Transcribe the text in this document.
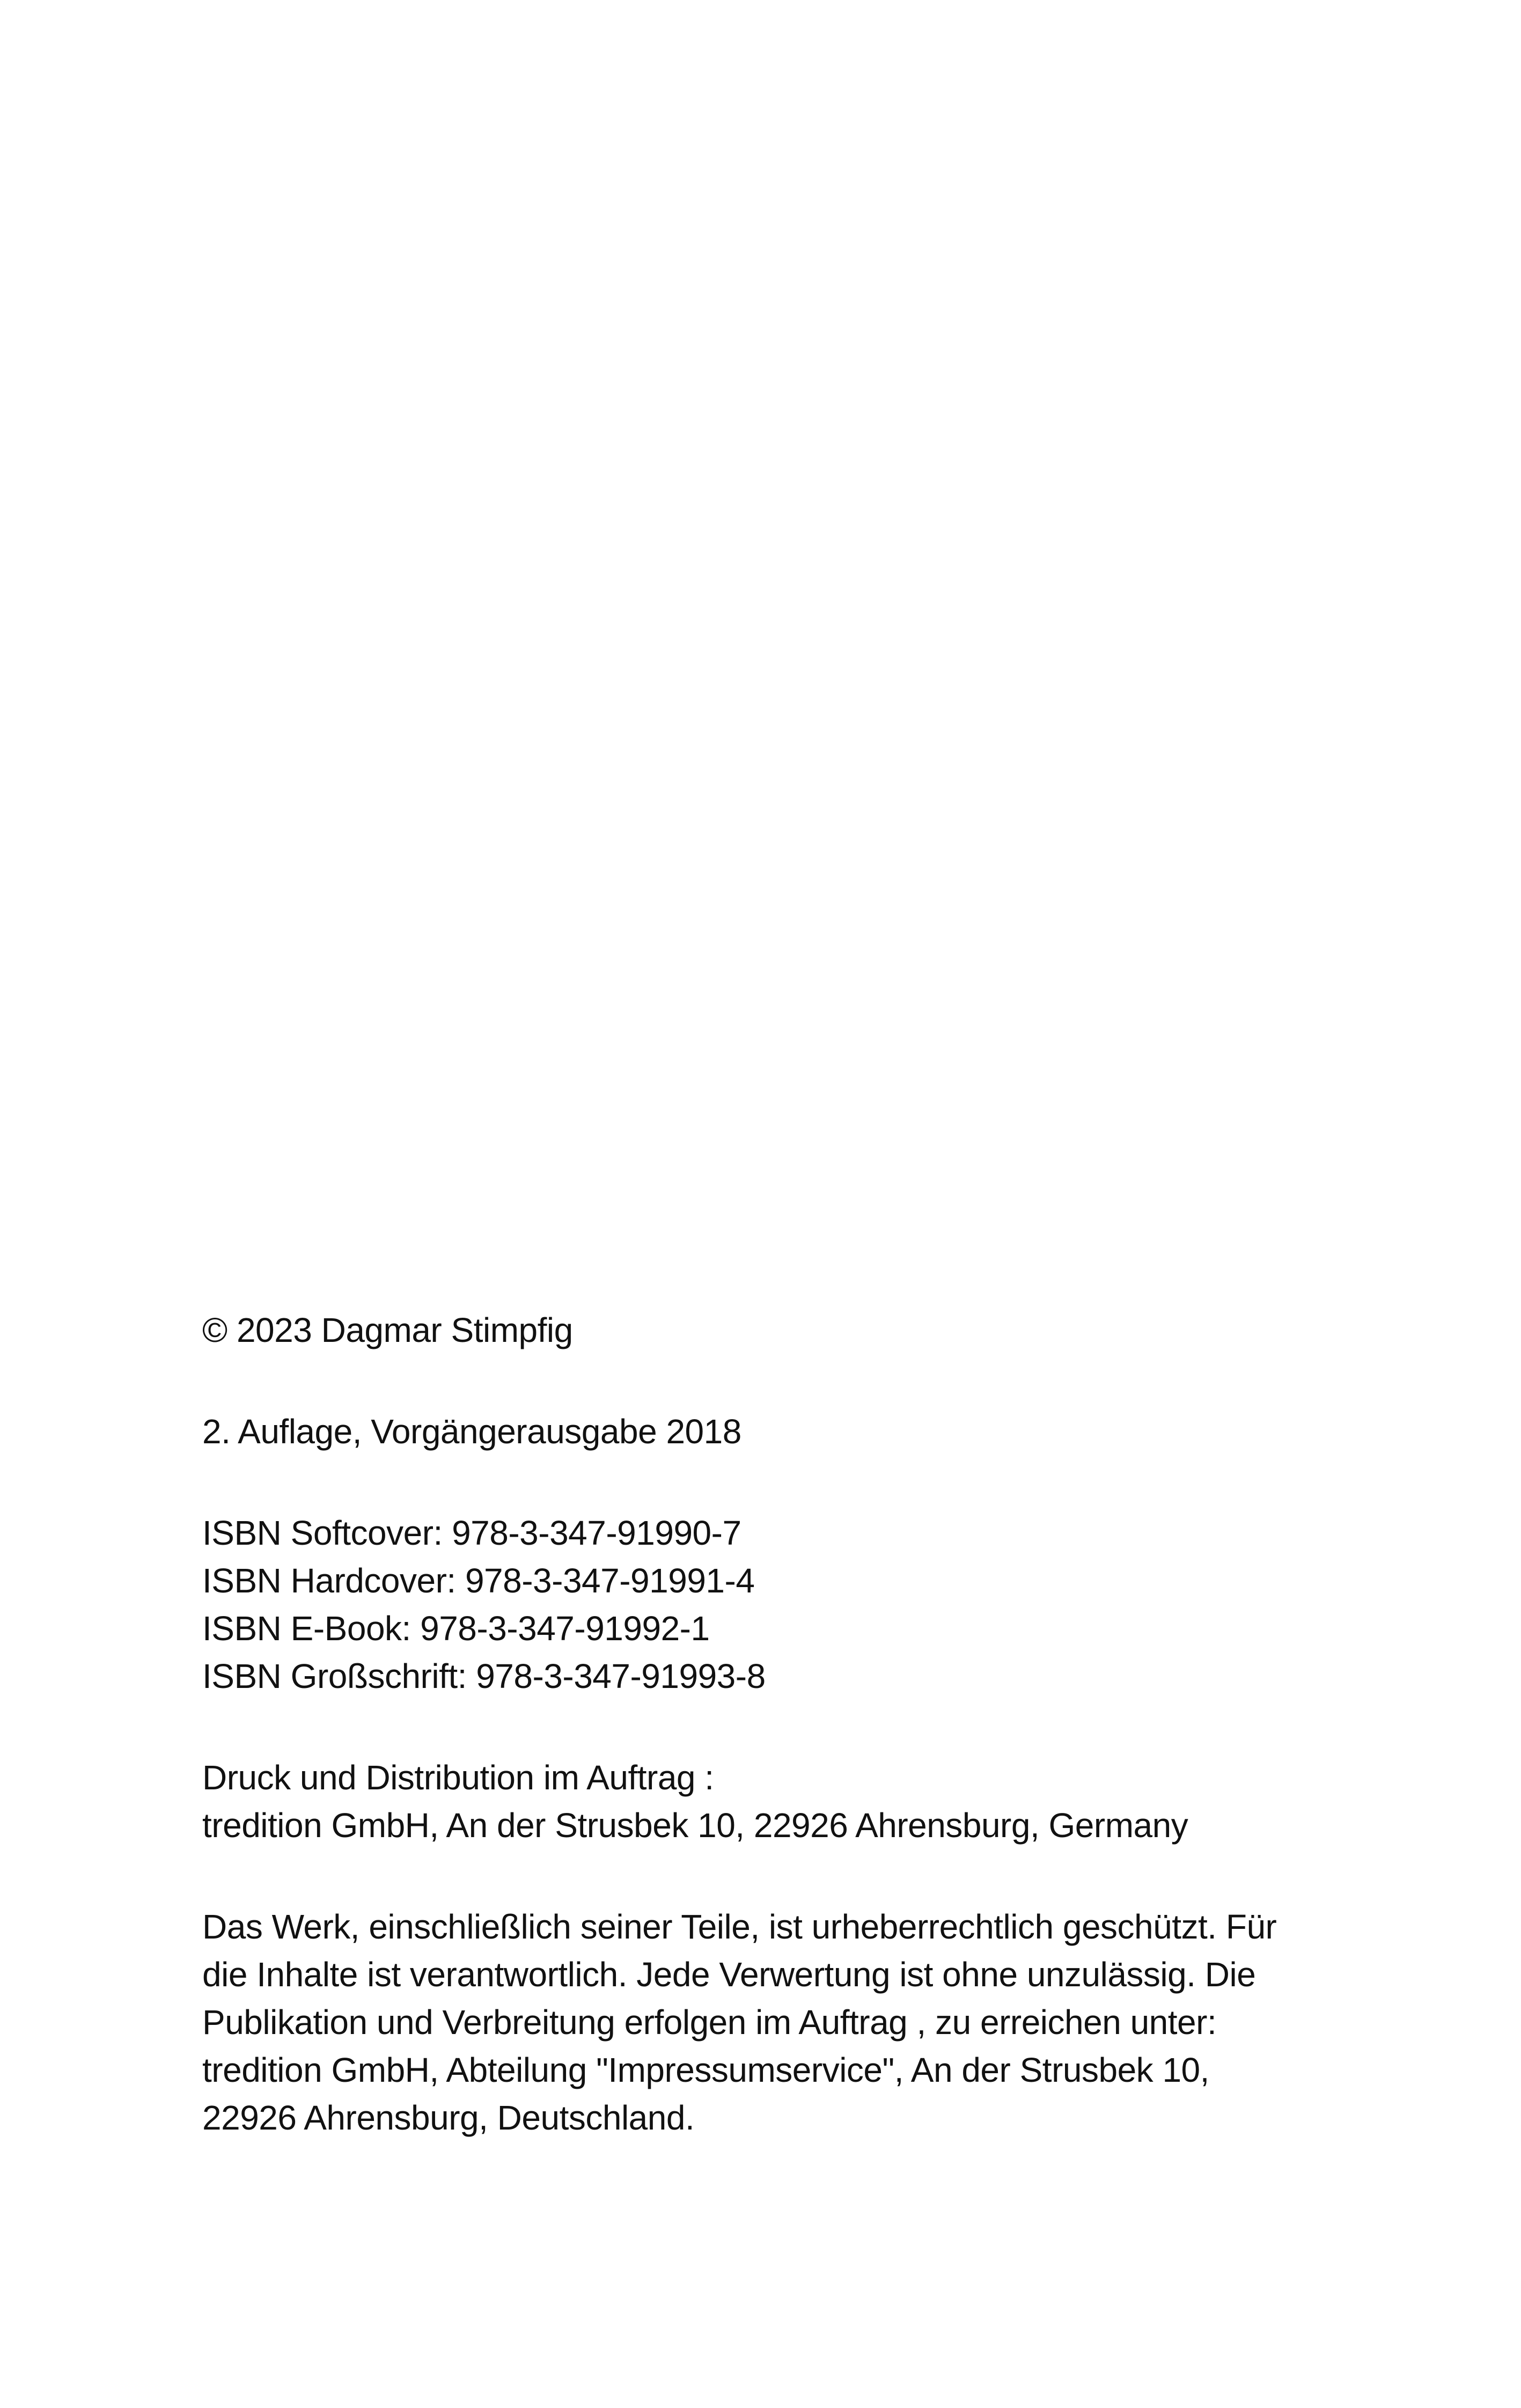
© 2023 Dagmar Stimpfig

2. Auflage, Vorgängerausgabe 2018

ISBN Softcover: 978-3-347-91990-7

ISBN Hardcover: 978-3-347-91991-4

ISBN E-Book: 978-3-347-91992-1

ISBN Großschrift: 978-3-347-91993-8

Druck und Distribution im Auftrag :

tredition GmbH, An der Strusbek 10, 22926 Ahrensburg, Germany

Das Werk, einschließlich seiner Teile, ist urheberrechtlich geschützt. Für

die Inhalte ist verantwortlich. Jede Verwertung ist ohne unzulässig. Die

Publikation und Verbreitung erfolgen im Auftrag , zu erreichen unter:

tredition GmbH, Abteilung "Impressumservice", An der Strusbek 10,

22926 Ahrensburg, Deutschland.
